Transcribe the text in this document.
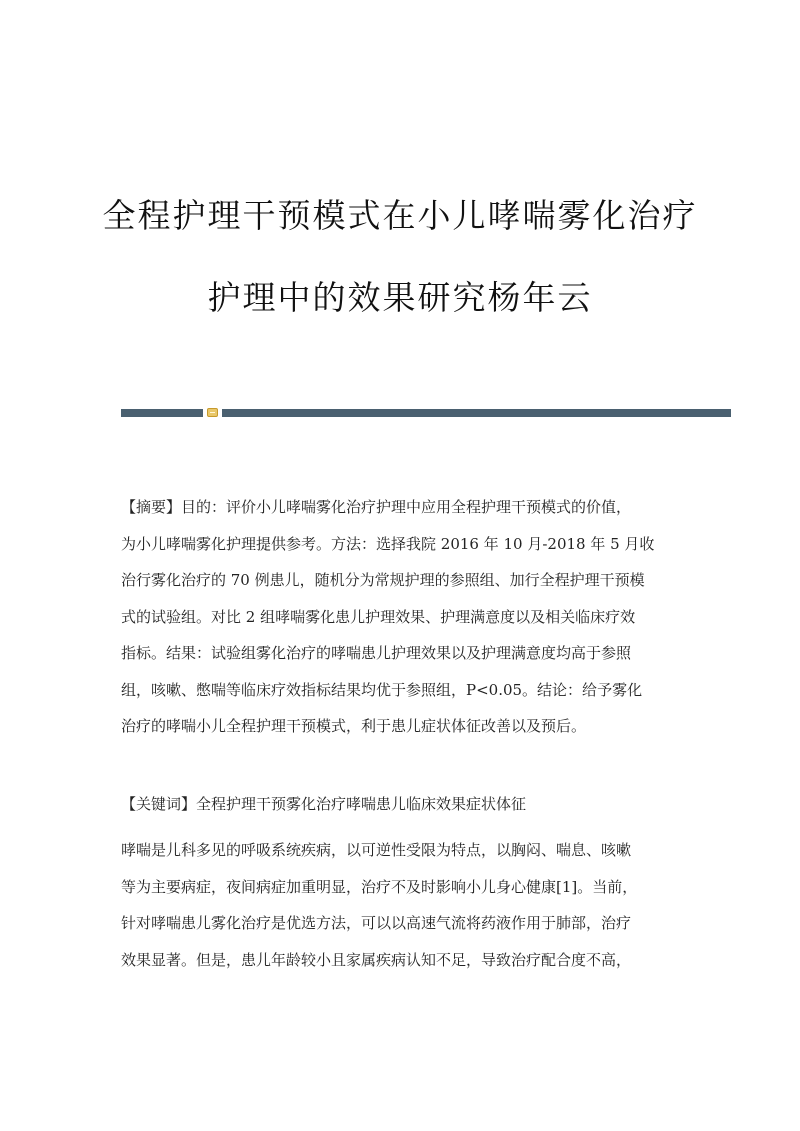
全程护理干预模式在小儿哮喘雾化治疗
护理中的效果研究杨年云

【摘要】目的：评价小儿哮喘雾化治疗护理中应用全程护理干预模式的价值，
为小儿哮喘雾化护理提供参考。方法：选择我院 2016 年 10 月-2018 年 5 月收
治行雾化治疗的 70 例患儿，随机分为常规护理的参照组、加行全程护理干预模
式的试验组。对比 2 组哮喘雾化患儿护理效果、护理满意度以及相关临床疗效
指标。结果：试验组雾化治疗的哮喘患儿护理效果以及护理满意度均高于参照
组，咳嗽、憋喘等临床疗效指标结果均优于参照组，P<0.05。结论：给予雾化
治疗的哮喘小儿全程护理干预模式，利于患儿症状体征改善以及预后。

【关键词】全程护理干预雾化治疗哮喘患儿临床效果症状体征

哮喘是儿科多见的呼吸系统疾病，以可逆性受限为特点，以胸闷、喘息、咳嗽
等为主要病症，夜间病症加重明显，治疗不及时影响小儿身心健康[1]。当前，
针对哮喘患儿雾化治疗是优选方法，可以以高速气流将药液作用于肺部，治疗
效果显著。但是，患儿年龄较小且家属疾病认知不足，导致治疗配合度不高，
